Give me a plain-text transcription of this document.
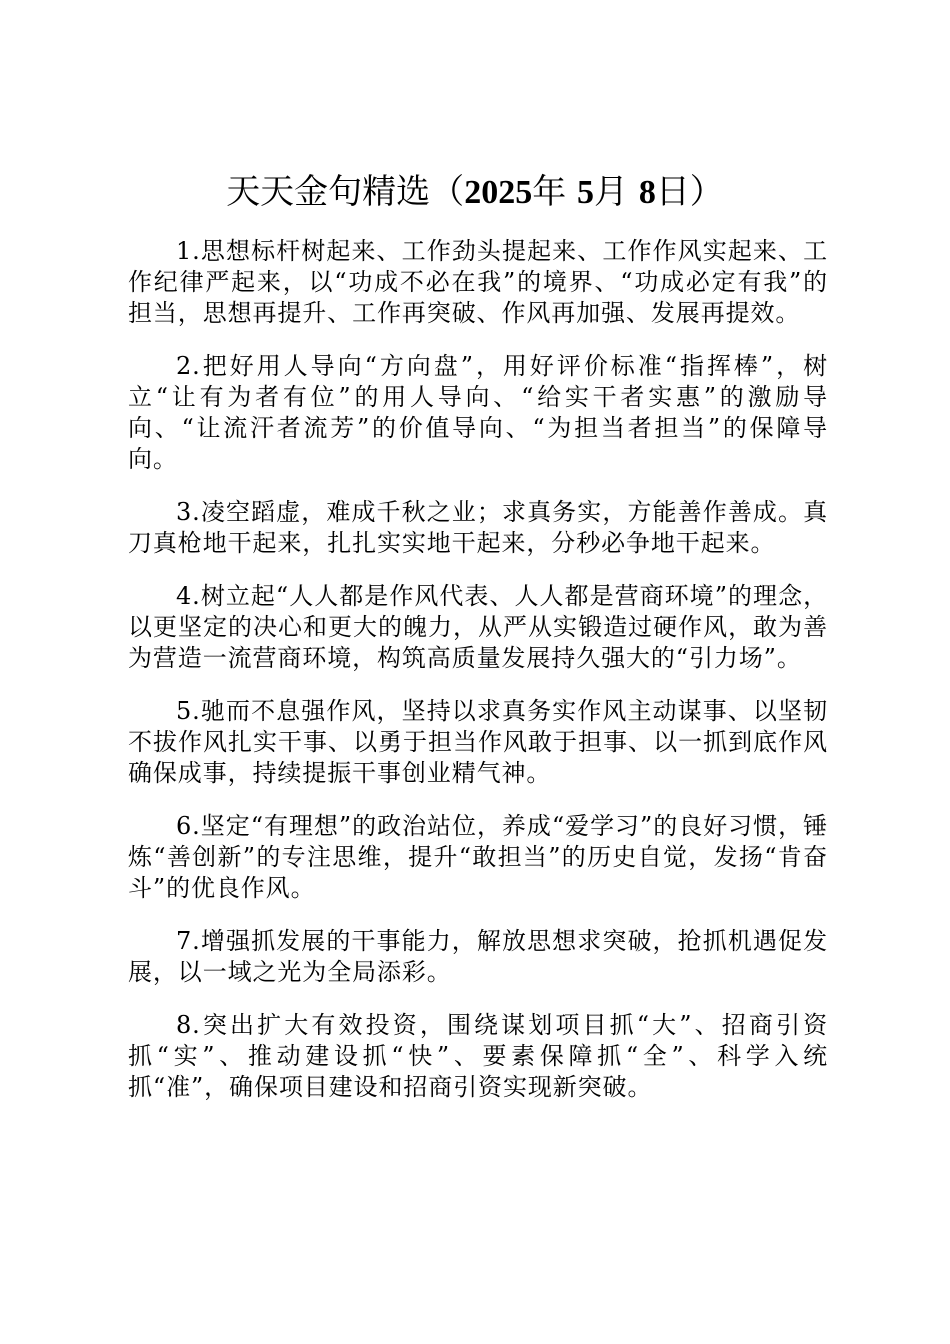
天天金句精选（2025年 5月 8日）

1.思想标杆树起来、工作劲头提起来、工作作风实起来、工作纪律严起来，以“功成不必在我”的境界、“功成必定有我”的担当，思想再提升、工作再突破、作风再加强、发展再提效。

2.把好用人导向“方向盘”，用好评价标准“指挥棒”，树立“让有为者有位”的用人导向、“给实干者实惠”的激励导向、“让流汗者流芳”的价值导向、“为担当者担当”的保障导向。

3.凌空蹈虚，难成千秋之业；求真务实，方能善作善成。真刀真枪地干起来，扎扎实实地干起来，分秒必争地干起来。

4.树立起“人人都是作风代表、人人都是营商环境”的理念，以更坚定的决心和更大的魄力，从严从实锻造过硬作风，敢为善为营造一流营商环境，构筑高质量发展持久强大的“引力场”。

5.驰而不息强作风，坚持以求真务实作风主动谋事、以坚韧不拔作风扎实干事、以勇于担当作风敢于担事、以一抓到底作风确保成事，持续提振干事创业精气神。

6.坚定“有理想”的政治站位，养成“爱学习”的良好习惯，锤炼“善创新”的专注思维，提升“敢担当”的历史自觉，发扬“肯奋斗”的优良作风。

7.增强抓发展的干事能力，解放思想求突破，抢抓机遇促发展，以一域之光为全局添彩。

8.突出扩大有效投资，围绕谋划项目抓“大”、招商引资抓“实”、推动建设抓“快”、要素保障抓“全”、科学入统抓“准”，确保项目建设和招商引资实现新突破。
